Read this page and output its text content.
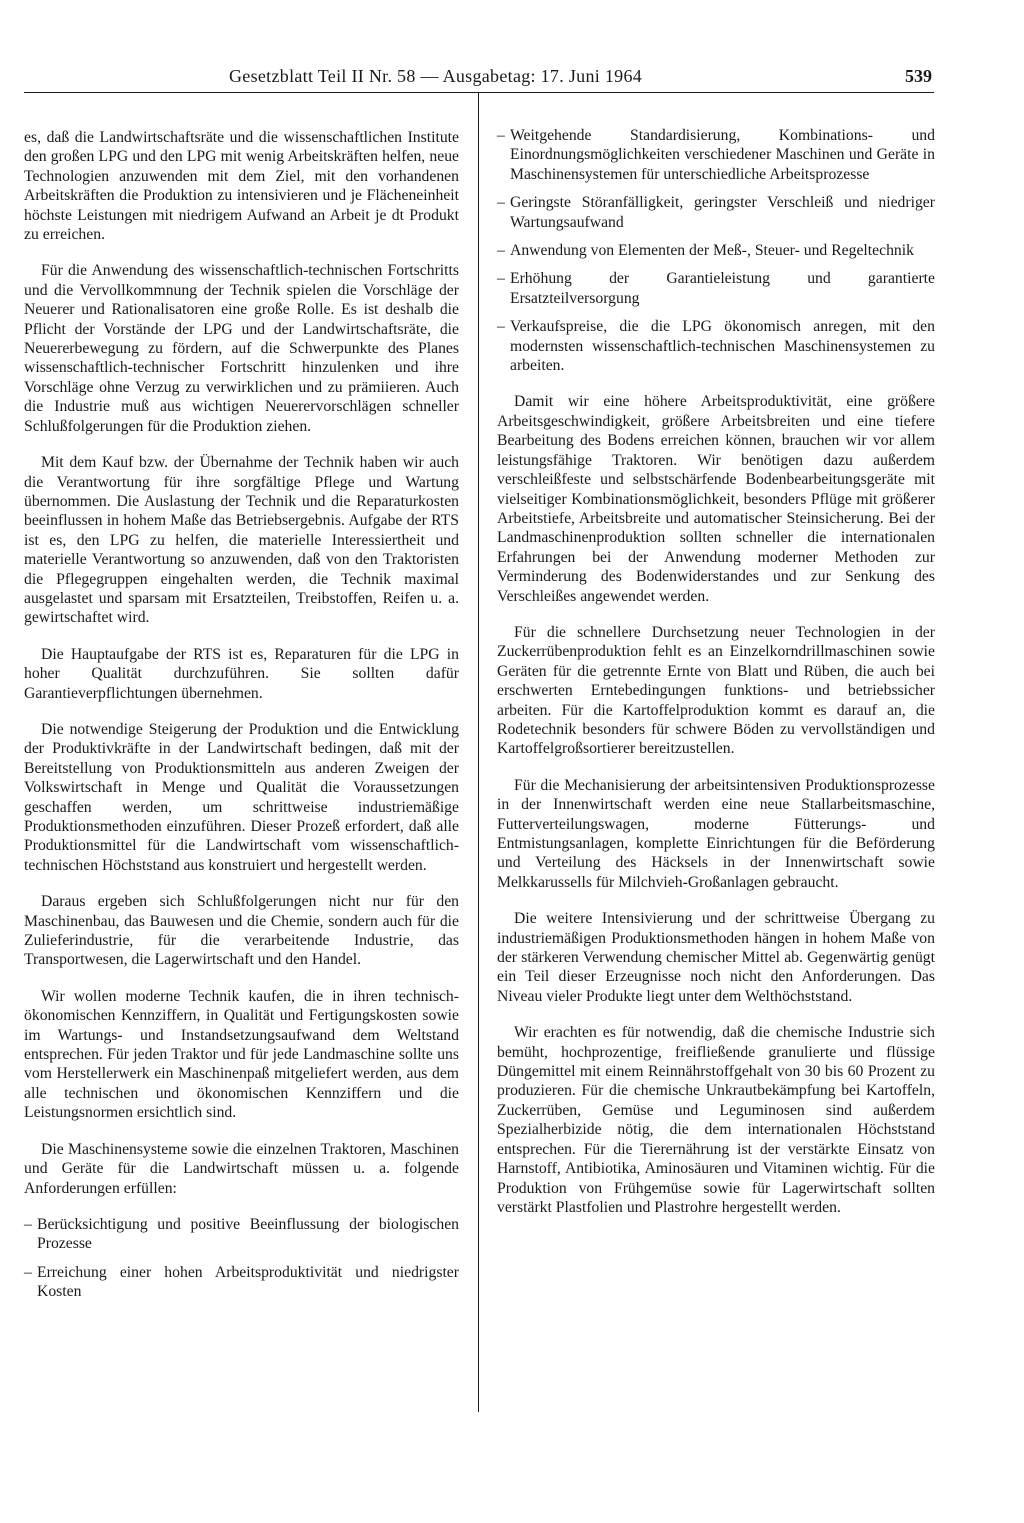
Gesetzblatt Teil II Nr. 58 — Ausgabetag: 17. Juni 1964	539

es, daß die Landwirtschaftsräte und die wissenschaftlichen Institute den großen LPG und den LPG mit wenig Arbeitskräften helfen, neue Technologien anzuwenden mit dem Ziel, mit den vorhandenen Arbeitskräften die Produktion zu intensivieren und je Flächeneinheit höchste Leistungen mit niedrigem Aufwand an Arbeit je dt Produkt zu erreichen.

Für die Anwendung des wissenschaftlich-technischen Fortschritts und die Vervollkommnung der Technik spielen die Vorschläge der Neuerer und Rationalisatoren eine große Rolle. Es ist deshalb die Pflicht der Vorstände der LPG und der Landwirtschaftsräte, die Neuererbewegung zu fördern, auf die Schwerpunkte des Planes wissenschaftlich-technischer Fortschritt hinzulenken und ihre Vorschläge ohne Verzug zu verwirklichen und zu prämiieren. Auch die Industrie muß aus wichtigen Neuerervorschlägen schneller Schlußfolgerungen für die Produktion ziehen.

Mit dem Kauf bzw. der Übernahme der Technik haben wir auch die Verantwortung für ihre sorgfältige Pflege und Wartung übernommen. Die Auslastung der Technik und die Reparaturkosten beeinflussen in hohem Maße das Betriebsergebnis. Aufgabe der RTS ist es, den LPG zu helfen, die materielle Interessiertheit und materielle Verantwortung so anzuwenden, daß von den Traktoristen die Pflegegruppen eingehalten werden, die Technik maximal ausgelastet und sparsam mit Ersatzteilen, Treibstoffen, Reifen u. a. gewirtschaftet wird.

Die Hauptaufgabe der RTS ist es, Reparaturen für die LPG in hoher Qualität durchzuführen. Sie sollten dafür Garantieverpflichtungen übernehmen.

Die notwendige Steigerung der Produktion und die Entwicklung der Produktivkräfte in der Landwirtschaft bedingen, daß mit der Bereitstellung von Produktionsmitteln aus anderen Zweigen der Volkswirtschaft in Menge und Qualität die Voraussetzungen geschaffen werden, um schrittweise industriemäßige Produktionsmethoden einzuführen. Dieser Prozeß erfordert, daß alle Produktionsmittel für die Landwirtschaft vom wissenschaftlich-technischen Höchststand aus konstruiert und hergestellt werden.

Daraus ergeben sich Schlußfolgerungen nicht nur für den Maschinenbau, das Bauwesen und die Chemie, sondern auch für die Zulieferindustrie, für die verarbeitende Industrie, das Transportwesen, die Lagerwirtschaft und den Handel.

Wir wollen moderne Technik kaufen, die in ihren technisch-ökonomischen Kennziffern, in Qualität und Fertigungskosten sowie im Wartungs- und Instandsetzungsaufwand dem Weltstand entsprechen. Für jeden Traktor und für jede Landmaschine sollte uns vom Herstellerwerk ein Maschinenpaß mitgeliefert werden, aus dem alle technischen und ökonomischen Kennziffern und die Leistungsnormen ersichtlich sind.

Die Maschinensysteme sowie die einzelnen Traktoren, Maschinen und Geräte für die Landwirtschaft müssen u. a. folgende Anforderungen erfüllen:

– Berücksichtigung und positive Beeinflussung der biologischen Prozesse
– Erreichung einer hohen Arbeitsproduktivität und niedrigster Kosten
– Weitgehende Standardisierung, Kombinations- und Einordnungsmöglichkeiten verschiedener Maschinen und Geräte in Maschinensystemen für unterschiedliche Arbeitsprozesse
– Geringste Störanfälligkeit, geringster Verschleiß und niedriger Wartungsaufwand
– Anwendung von Elementen der Meß-, Steuer- und Regeltechnik
– Erhöhung der Garantieleistung und garantierte Ersatzteilversorgung
– Verkaufspreise, die die LPG ökonomisch anregen, mit den modernsten wissenschaftlich-technischen Maschinensystemen zu arbeiten.

Damit wir eine höhere Arbeitsproduktivität, eine größere Arbeitsgeschwindigkeit, größere Arbeitsbreiten und eine tiefere Bearbeitung des Bodens erreichen können, brauchen wir vor allem leistungsfähige Traktoren. Wir benötigen dazu außerdem verschleißfeste und selbstschärfende Bodenbearbeitungsgeräte mit vielseitiger Kombinationsmöglichkeit, besonders Pflüge mit größerer Arbeitstiefe, Arbeitsbreite und automatischer Steinsicherung. Bei der Landmaschinenproduktion sollten schneller die internationalen Erfahrungen bei der Anwendung moderner Methoden zur Verminderung des Bodenwiderstandes und zur Senkung des Verschleißes angewendet werden.

Für die schnellere Durchsetzung neuer Technologien in der Zuckerrübenproduktion fehlt es an Einzelkorndrillmaschinen sowie Geräten für die getrennte Ernte von Blatt und Rüben, die auch bei erschwerten Erntebedingungen funktions- und betriebssicher arbeiten. Für die Kartoffelproduktion kommt es darauf an, die Rodetechnik besonders für schwere Böden zu vervollständigen und Kartoffelgroßsortierer bereitzustellen.

Für die Mechanisierung der arbeitsintensiven Produktionsprozesse in der Innenwirtschaft werden eine neue Stallarbeitsmaschine, Futterverteilungswagen, moderne Fütterungs- und Entmistungsanlagen, komplette Einrichtungen für die Beförderung und Verteilung des Häcksels in der Innenwirtschaft sowie Melkkarussells für Milchvieh-Großanlagen gebraucht.

Die weitere Intensivierung und der schrittweise Übergang zu industriemäßigen Produktionsmethoden hängen in hohem Maße von der stärkeren Verwendung chemischer Mittel ab. Gegenwärtig genügt ein Teil dieser Erzeugnisse noch nicht den Anforderungen. Das Niveau vieler Produkte liegt unter dem Welthöchststand.

Wir erachten es für notwendig, daß die chemische Industrie sich bemüht, hochprozentige, freifließende granulierte und flüssige Düngemittel mit einem Reinnährstoffgehalt von 30 bis 60 Prozent zu produzieren. Für die chemische Unkrautbekämpfung bei Kartoffeln, Zuckerrüben, Gemüse und Leguminosen sind außerdem Spezialherbizide nötig, die dem internationalen Höchststand entsprechen. Für die Tierernährung ist der verstärkte Einsatz von Harnstoff, Antibiotika, Aminosäuren und Vitaminen wichtig. Für die Produktion von Frühgemüse sowie für Lagerwirtschaft sollten verstärkt Plastfolien und Plastrohre hergestellt werden.
